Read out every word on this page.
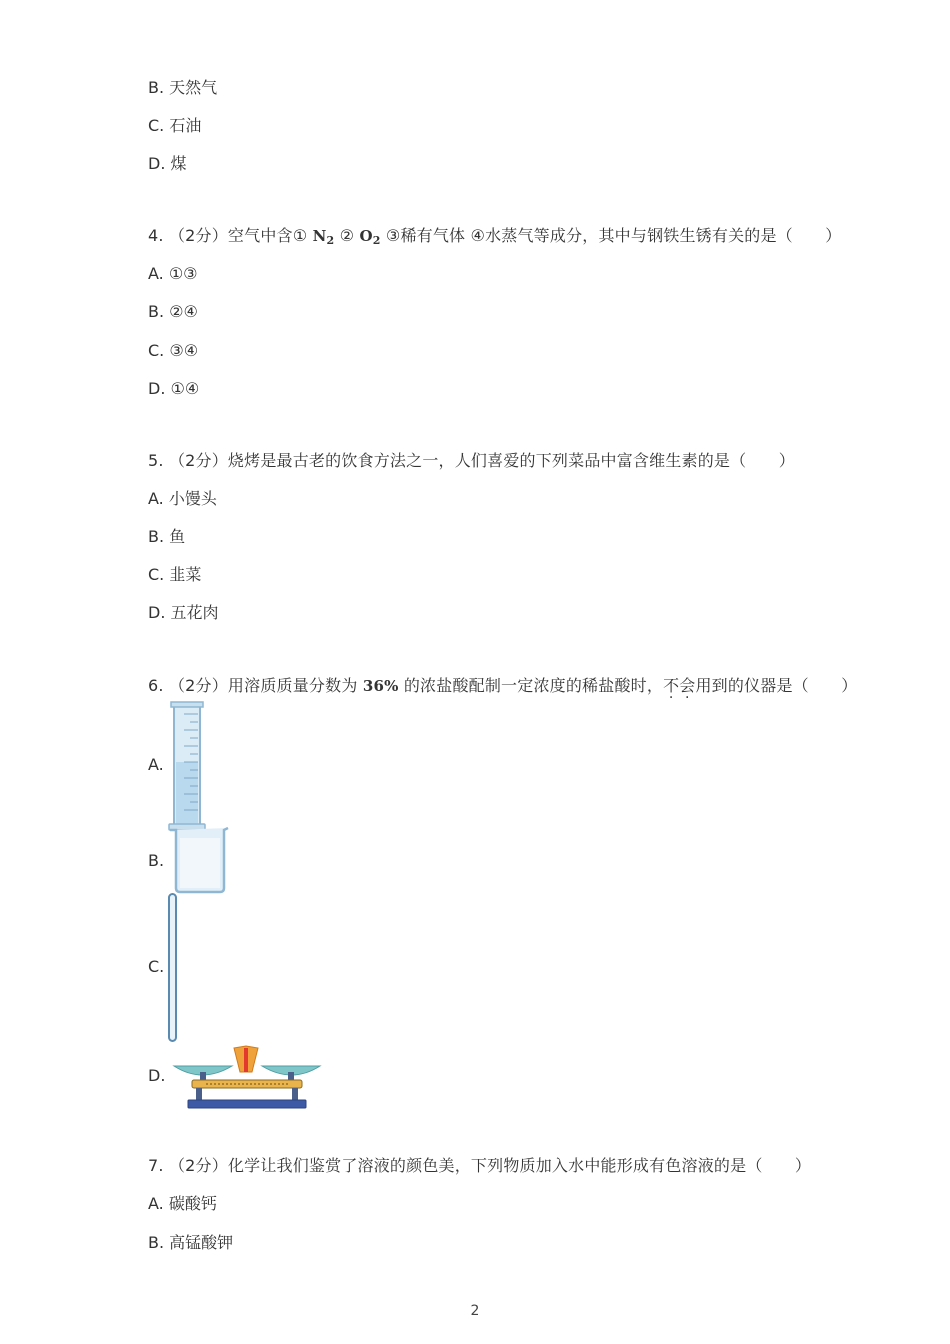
B. 天然气
C. 石油
D. 煤
4. （2分）空气中含① $N_2$ ② $O_2$ ③稀有气体 ④水蒸气等成分，其中与钢铁生锈有关的是（　　）
A. ①③
B. ②④
C. ③④
D. ①④
5. （2分）烧烤是最古老的饮食方法之一，人们喜爱的下列菜品中富含维生素的是（　　）
A. 小馒头
B. 鱼
C. 韭菜
D. 五花肉
6. （2分）用溶质质量分数为 36% 的浓盐酸配制一定浓度的稀盐酸时，不会用到的仪器是（　　）
A.
B.
C.
D.
7. （2分）化学让我们鉴赏了溶液的颜色美，下列物质加入水中能形成有色溶液的是（　　）
A. 碳酸钙
B. 高锰酸钾
2
